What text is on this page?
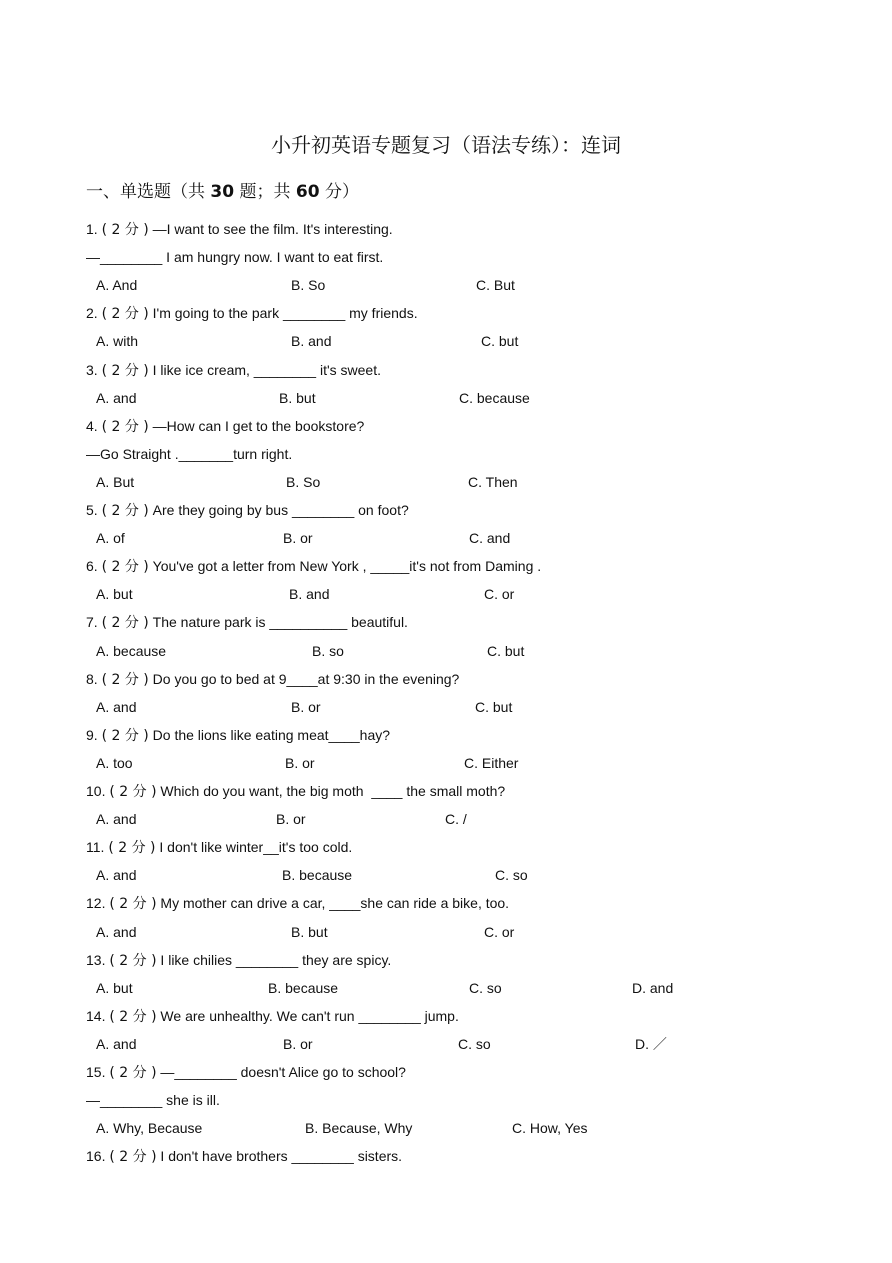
小升初英语专题复习（语法专练）：连词
一、单选题（共 30 题；共 60 分）
1. ( 2 分 ) —I want to see the film. It's interesting.
—________ I am hungry now. I want to eat first.
A. And	B. So	C. But
2. ( 2 分 ) I'm going to the park ________ my friends.
A. with	B. and	C. but
3. ( 2 分 ) I like ice cream, ________ it's sweet.
A. and	B. but	C. because
4. ( 2 分 ) —How can I get to the bookstore?
—Go Straight ._______turn right.
A. But	B. So	C. Then
5. ( 2 分 ) Are they going by bus ________ on foot?
A. of	B. or	C. and
6. ( 2 分 ) You've got a letter from New York , _____it's not from Daming .
A. but	B. and	C. or
7. ( 2 分 ) The nature park is __________ beautiful.
A. because	B. so	C. but
8. ( 2 分 ) Do you go to bed at 9____at 9:30 in the evening?
A. and	B. or	C. but
9. ( 2 分 ) Do the lions like eating meat____hay?
A. too	B. or	C. Either
10. ( 2 分 ) Which do you want, the big moth  ____ the small moth?
A. and	B. or	C. /
11. ( 2 分 ) I don't like winter__it's too cold.
A. and	B. because	C. so
12. ( 2 分 ) My mother can drive a car, ____she can ride a bike, too.
A. and	B. but	C. or
13. ( 2 分 ) I like chilies ________ they are spicy.
A. but	B. because	C. so	D. and
14. ( 2 分 ) We are unhealthy. We can't run ________ jump.
A. and	B. or	C. so	D. ／
15. ( 2 分 ) —________ doesn't Alice go to school?
—________ she is ill.
A. Why, Because	B. Because, Why	C. How, Yes
16. ( 2 分 ) I don't have brothers ________ sisters.
